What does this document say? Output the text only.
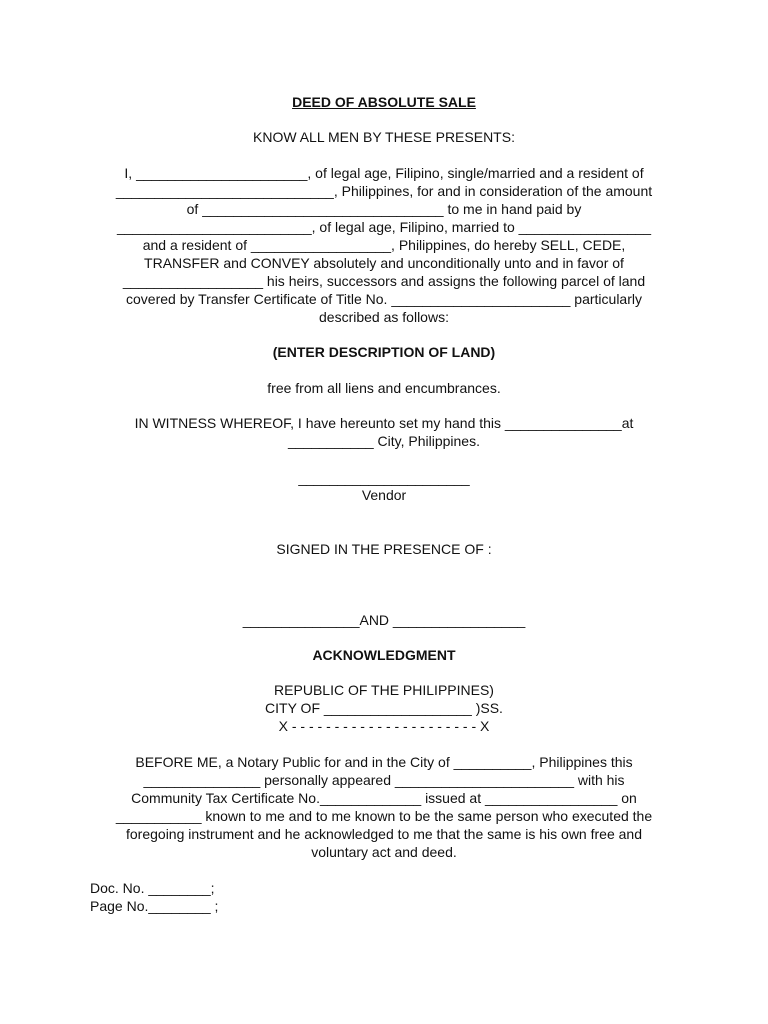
DEED OF ABSOLUTE SALE
KNOW ALL MEN BY THESE PRESENTS:
I, ______________________, of legal age, Filipino, single/married and a resident of
____________________________, Philippines, for and in consideration of the amount
of _______________________________ to me in hand paid by
_________________________, of legal age, Filipino, married to _________________
and a resident of __________________, Philippines, do hereby SELL, CEDE,
TRANSFER and CONVEY absolutely and unconditionally unto and in favor of
__________________ his heirs, successors and assigns the following parcel of land
covered by Transfer Certificate of Title No. _______________________ particularly
described as follows:
(ENTER DESCRIPTION OF LAND)
free from all liens and encumbrances.
IN WITNESS WHEREOF, I have hereunto set my hand this _______________at
___________ City, Philippines.
______________________
Vendor
SIGNED IN THE PRESENCE OF :
_______________AND _________________
ACKNOWLEDGMENT
REPUBLIC OF THE PHILIPPINES)
CITY OF ___________________ )SS.
X - - - - - - - - - - - - - - - - - - - - - - X
BEFORE ME, a Notary Public for and in the City of __________, Philippines this
_______________ personally appeared _______________________ with his
Community Tax Certificate No._____________ issued at _________________ on
___________ known to me and to me known to be the same person who executed the
foregoing instrument and he acknowledged to me that the same is his own free and
voluntary act and deed.
Doc. No. ________;
Page No.________ ;
